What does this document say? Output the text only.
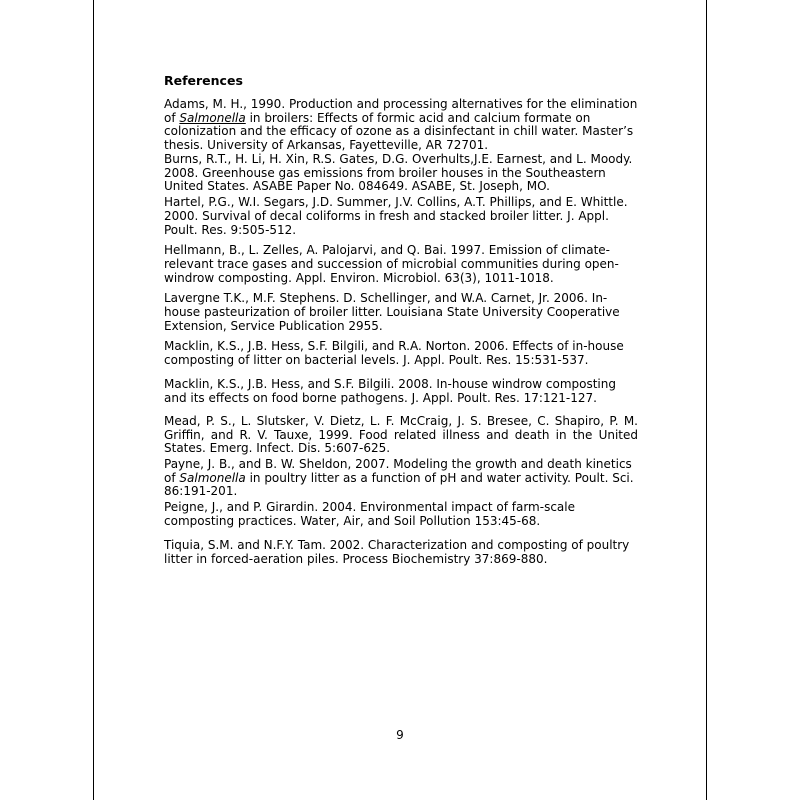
References
Adams, M. H., 1990. Production and processing alternatives for the elimination of Salmonella in broilers: Effects of formic acid and calcium formate on colonization and the efficacy of ozone as a disinfectant in chill water. Master’s thesis. University of Arkansas, Fayetteville, AR 72701.
Burns, R.T., H. Li, H. Xin, R.S. Gates, D.G. Overhults,J.E. Earnest, and L. Moody. 2008. Greenhouse gas emissions from broiler houses in the Southeastern United States. ASABE Paper No. 084649. ASABE, St. Joseph, MO.
Hartel, P.G., W.I. Segars, J.D. Summer, J.V. Collins, A.T. Phillips, and E. Whittle. 2000. Survival of decal coliforms in fresh and stacked broiler litter. J. Appl. Poult. Res. 9:505-512.
Hellmann, B., L. Zelles, A. Palojarvi, and Q. Bai. 1997. Emission of climate-relevant trace gases and succession of microbial communities during open-windrow composting. Appl. Environ. Microbiol. 63(3), 1011-1018.
Lavergne T.K., M.F. Stephens. D. Schellinger, and W.A. Carnet, Jr. 2006. In-house pasteurization of broiler litter. Louisiana State University Cooperative Extension, Service Publication 2955.
Macklin, K.S., J.B. Hess, S.F. Bilgili, and R.A. Norton. 2006. Effects of in-house composting of litter on bacterial levels. J. Appl. Poult. Res. 15:531-537.
Macklin, K.S., J.B. Hess, and S.F. Bilgili. 2008. In-house windrow composting and its effects on food borne pathogens. J. Appl. Poult. Res. 17:121-127.
Mead, P. S., L. Slutsker, V. Dietz, L. F. McCraig, J. S. Bresee, C. Shapiro, P. M. Griffin, and R. V. Tauxe, 1999. Food related illness and death in the United States. Emerg. Infect. Dis. 5:607-625.
Payne, J. B., and B. W. Sheldon, 2007. Modeling the growth and death kinetics of Salmonella in poultry litter as a function of pH and water activity. Poult. Sci. 86:191-201.
Peigne, J., and P. Girardin. 2004. Environmental impact of farm-scale composting practices. Water, Air, and Soil Pollution 153:45-68.
Tiquia, S.M. and N.F.Y. Tam. 2002. Characterization and composting of poultry litter in forced-aeration piles. Process Biochemistry 37:869-880.
9
